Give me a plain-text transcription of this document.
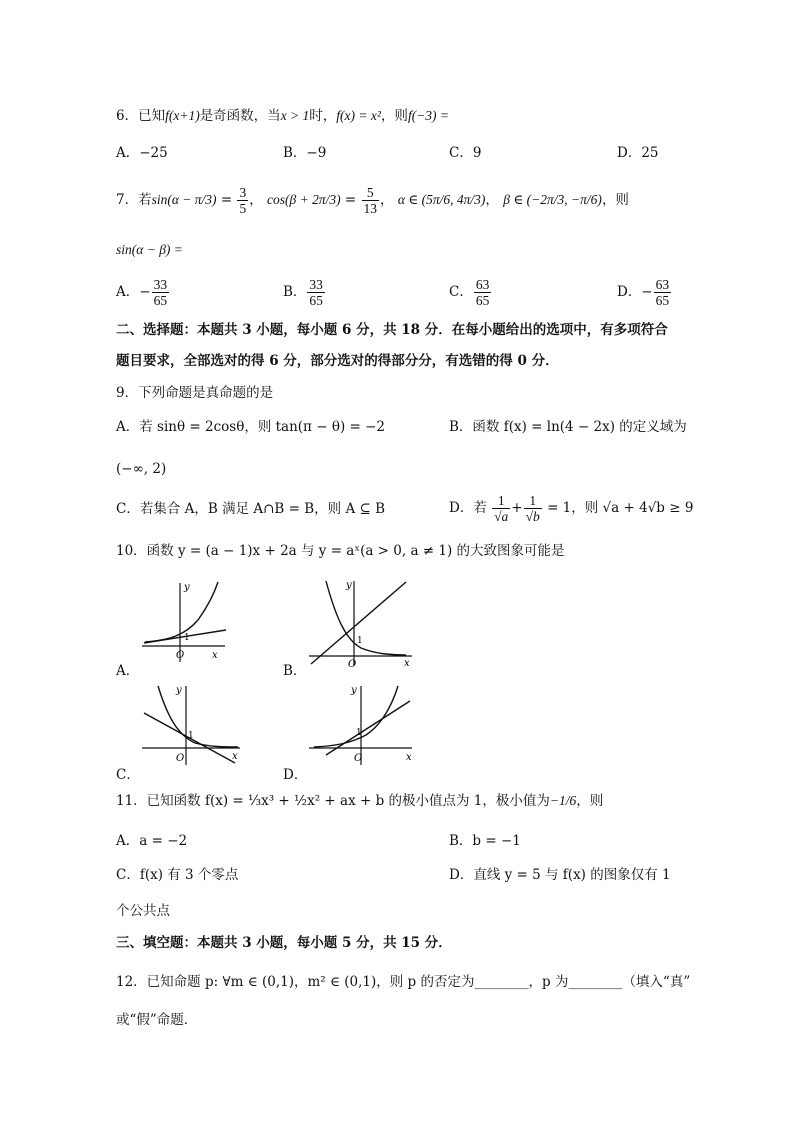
6．已知f(x+1)是奇函数，当x > 1时，f(x) = x²，则f(−3) =
A．−25	B．−9	C．9	D．25
7．若$\sin(\alpha - \pi/3) = \frac{3}{5}$ ， $\cos(\beta + 2\pi/3) = \frac{5}{13}$ ， α ∈ (5π/6, 4π/3)， β ∈ (−2π/3, −π/6)，则
sin(α − β) =
A．− $\frac{33}{65}$	B． $\frac{33}{65}$	C． $\frac{63}{65}$	D．− $\frac{63}{65}$
二、选择题：本题共 3 小题，每小题 6 分，共 18 分．在每小题给出的选项中，有多项符合
题目要求，全部选对的得 6 分，部分选对的得部分分，有选错的得 0 分．
9．下列命题是真命题的是
A．若 sinθ = 2cosθ，则 tan(π − θ) = −2	B．函数 f(x) = ln(4 − 2x) 的定义域为
(−∞, 2)
C．若集合 A，B 满足 A∩B = B，则 A ⊆ B	D．若 $\frac{1}{√a} + \frac{1}{√b} = 1$，则 √a + 4√b ≥ 9
10．函数 y = (a − 1)x + 2a 与 y = aˣ(a > 0, a ≠ 1) 的大致图象可能是
A．
y
x
O
1
B．
y
x
O
1
C．
y
x
O
1
D．
y
x
O
1
11．已知函数 f(x) = ⅓x³ + ½x² + ax + b 的极小值点为 1，极小值为−1/6，则
A．a = −2	B．b = −1
C．f(x) 有 3 个零点	D．直线 y = 5 与 f(x) 的图象仅有 1
个公共点
三、填空题：本题共 3 小题，每小题 5 分，共 15 分．
12．已知命题 p: ∀m ∈ (0,1)，m² ∈ (0,1)，则 p 的否定为________，p 为________（填入“真”
或“假”命题．
